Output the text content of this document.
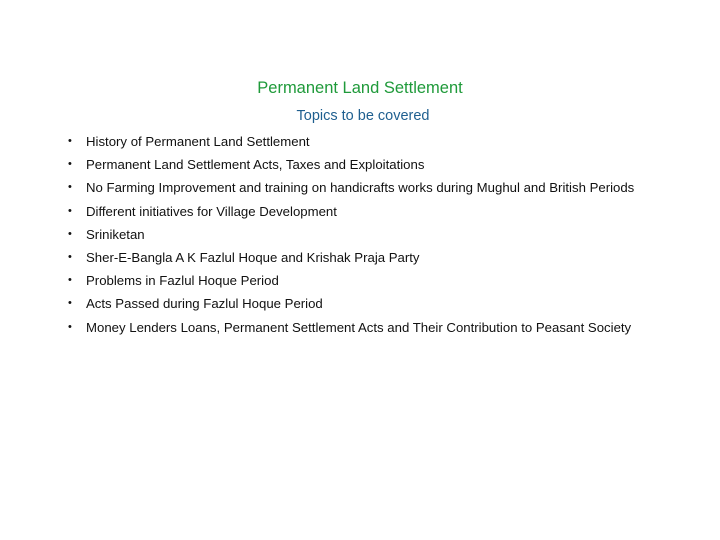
Permanent Land Settlement
Topics to be covered
•	History of Permanent Land Settlement
•	Permanent Land Settlement Acts, Taxes and Exploitations
•	No Farming Improvement and training on handicrafts works during Mughul and British Periods
•	Different initiatives for Village Development
•	Sriniketan
•	Sher-E-Bangla A K Fazlul Hoque and Krishak Praja Party
•	Problems in Fazlul Hoque Period
•	Acts Passed during Fazlul Hoque Period
•	Money Lenders Loans, Permanent Settlement Acts and Their Contribution to Peasant Society
